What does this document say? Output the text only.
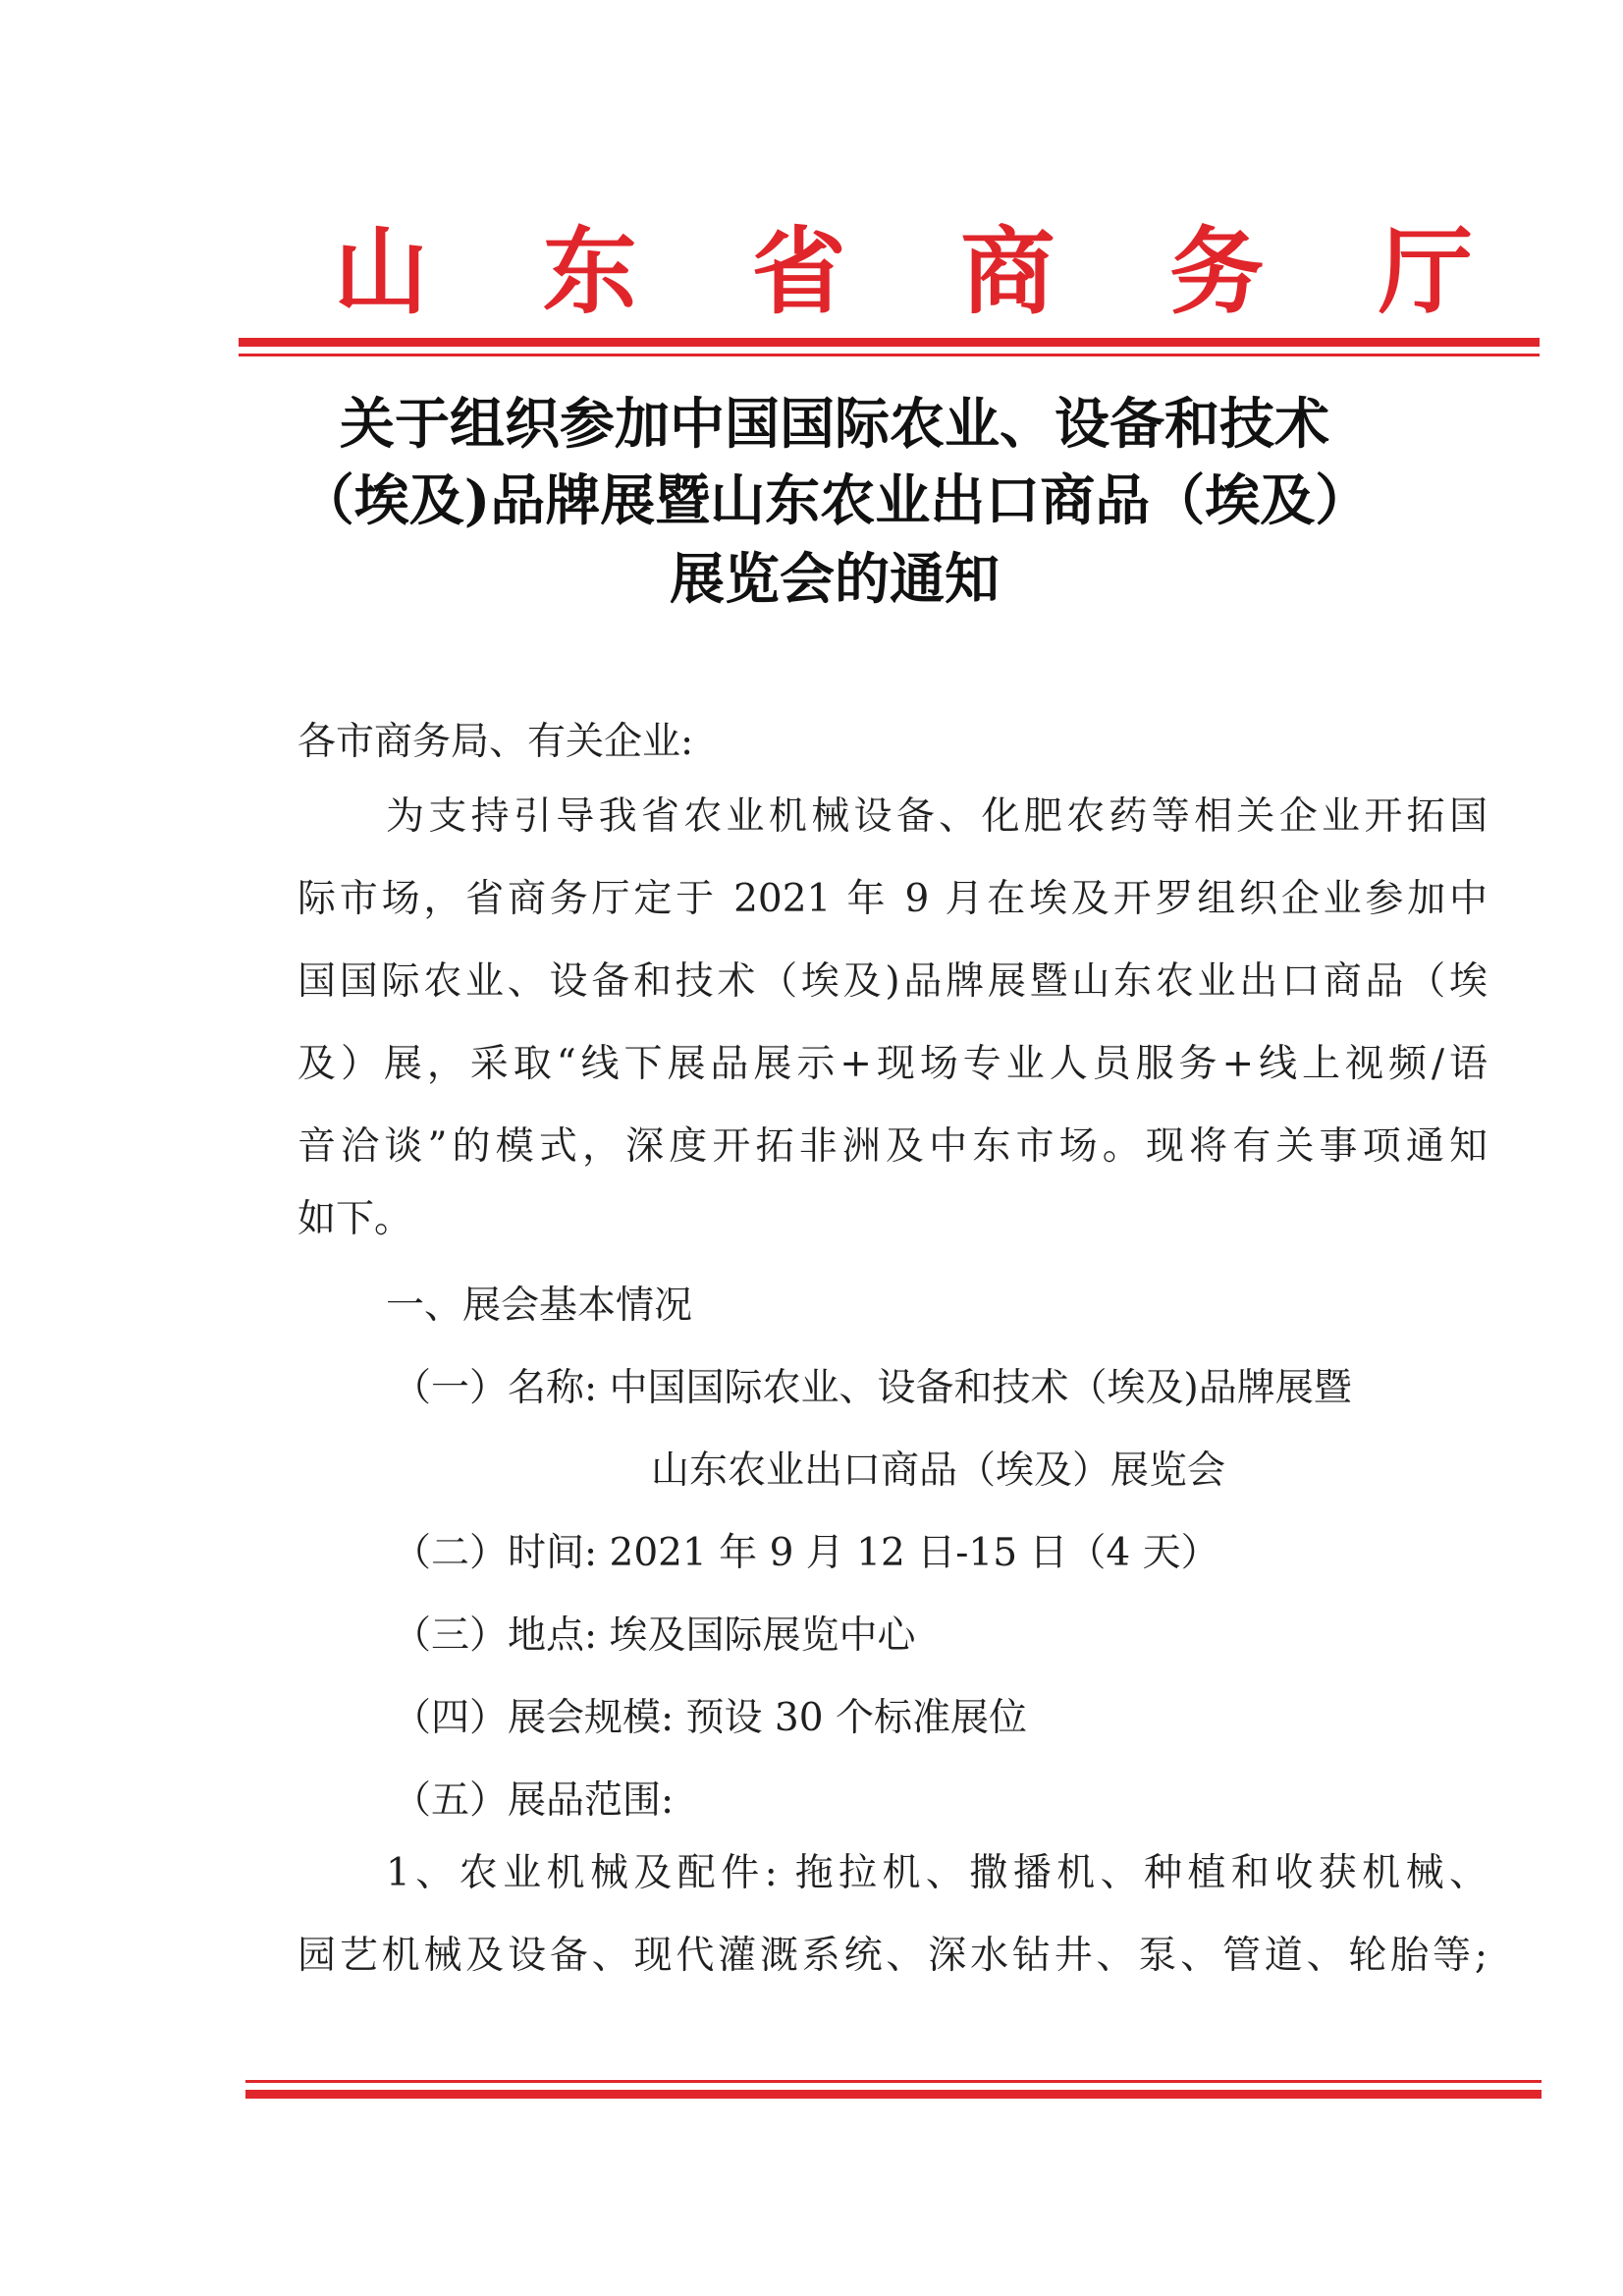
山 东 省 商 务 厅
关于组织参加中国国际农业、设备和技术
（埃及)品牌展暨山东农业出口商品（埃及）
展览会的通知
各市商务局、有关企业:
为支持引导我省农业机械设备、化肥农药等相关企业开拓国
际市场，省商务厅定于 2021 年 9 月在埃及开罗组织企业参加中
国国际农业、设备和技术（埃及)品牌展暨山东农业出口商品（埃
及）展，采取“线下展品展示+现场专业人员服务+线上视频/语
音洽谈”的模式，深度开拓非洲及中东市场。现将有关事项通知
如下。
一、展会基本情况
（一）名称: 中国国际农业、设备和技术（埃及)品牌展暨
山东农业出口商品（埃及）展览会
（二）时间: 2021 年 9 月 12 日-15 日（4 天）
（三）地点: 埃及国际展览中心
（四）展会规模: 预设 30 个标准展位
（五）展品范围:
1、农业机械及配件: 拖拉机、撒播机、种植和收获机械、
园艺机械及设备、现代灌溉系统、深水钻井、泵、管道、轮胎等;
